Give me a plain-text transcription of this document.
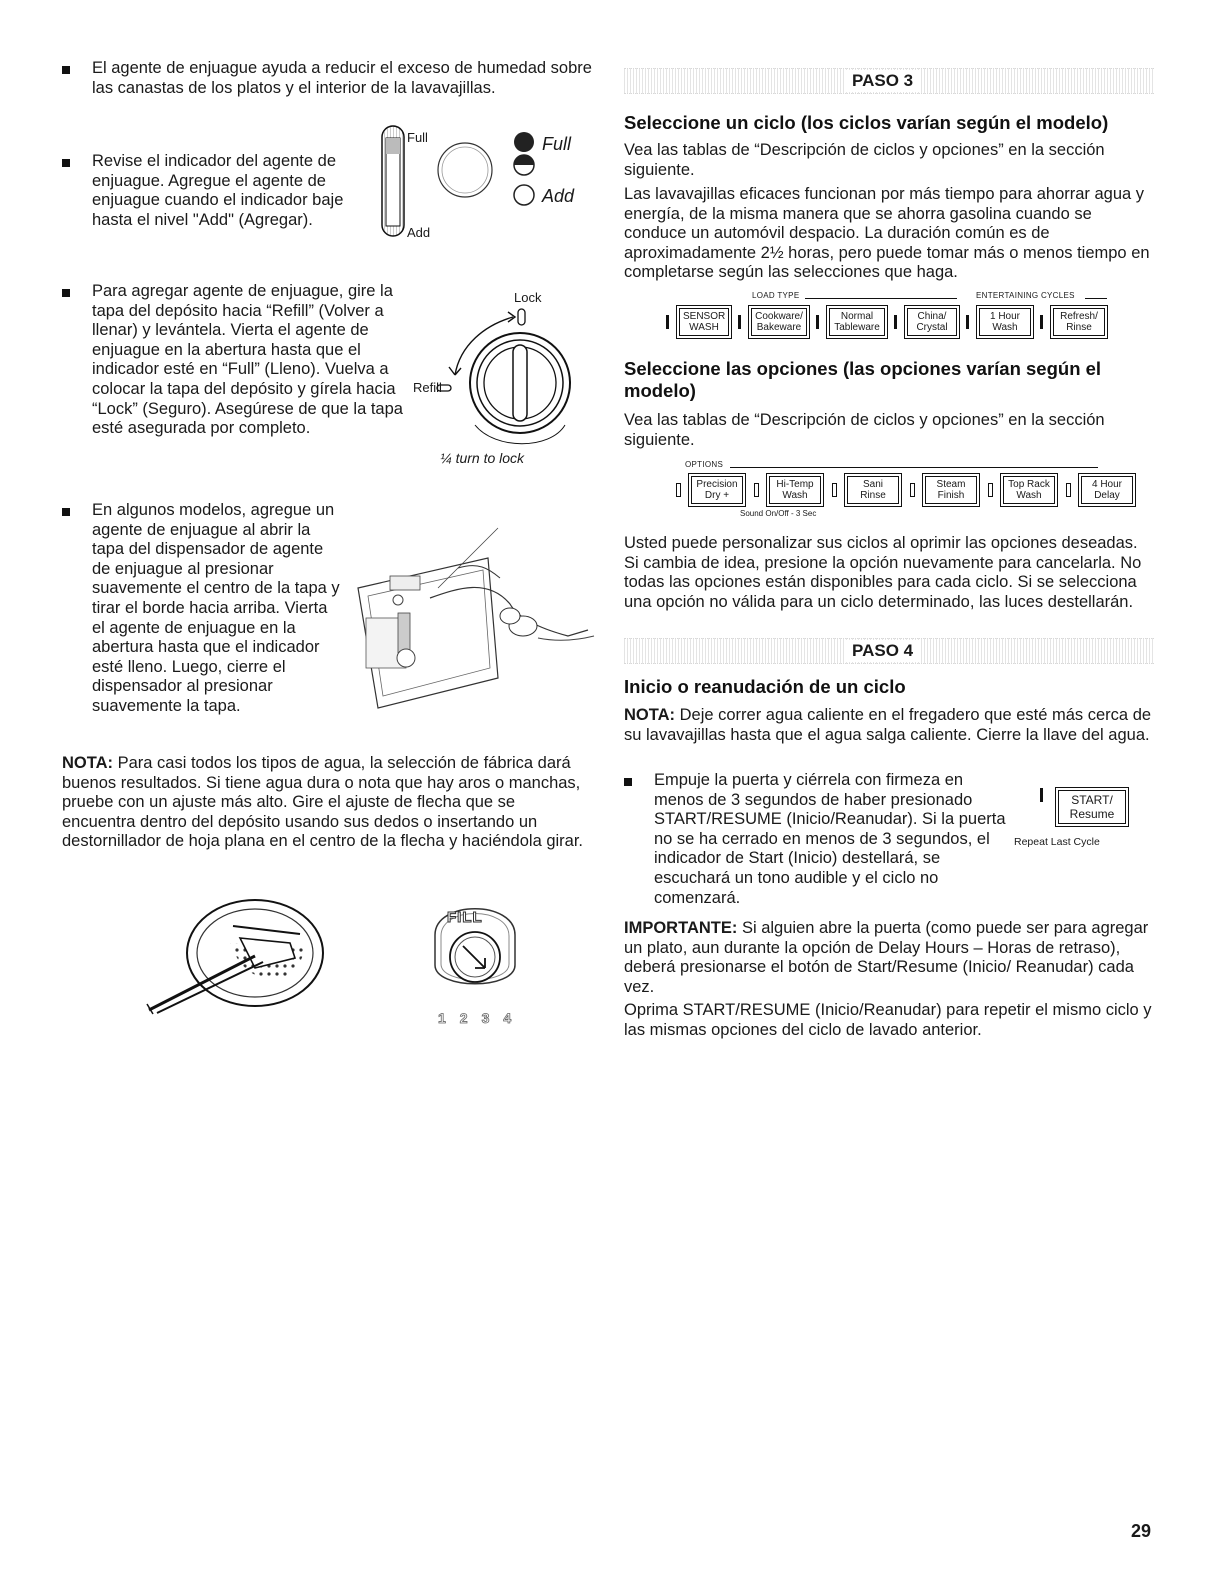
El agente de enjuague ayuda a reducir el exceso de humedad sobre las canastas de los platos y el interior de la lavavajillas.
Revise el indicador del agente de enjuague. Agregue el agente de enjuague cuando el indicador baje hasta el nivel "Add" (Agregar).
Full
Add
Full
Add
Para agregar agente de enjuague, gire la tapa del depósito hacia “Refill” (Volver a llenar) y levántela. Vierta el agente de enjuague en la abertura hasta que el indicador esté en “Full” (Lleno). Vuelva a colocar la tapa del depósito y gírela hacia “Lock” (Seguro). Asegúrese de que la tapa esté asegurada por completo.
Lock
Refill
¼ turn to lock
En algunos modelos, agregue un agente de enjuague al abrir la tapa del dispensador de agente de enjuague al presionar suavemente el centro de la tapa y tirar el borde hacia arriba. Vierta el agente de enjuague en la abertura hasta que el indicador esté lleno. Luego, cierre el dispensador al presionar suavemente la tapa.
NOTA: Para casi todos los tipos de agua, la selección de fábrica dará buenos resultados. Si tiene agua dura o nota que hay aros o manchas, pruebe con un ajuste más alto. Gire el ajuste de flecha que se encuentra dentro del depósito usando sus dedos o insertando un destornillador de hoja plana en el centro de la flecha y haciéndola girar.
FILL
1 2 3 4
PASO 3
Seleccione un ciclo (los ciclos varían según el modelo)
Vea las tablas de “Descripción de ciclos y opciones” en la sección siguiente.
Las lavavajillas eficaces funcionan por más tiempo para ahorrar agua y energía, de la misma manera que se ahorra gasolina cuando se conduce un automóvil despacio. La duración común es de aproximadamente 2½ horas, pero puede tomar más o menos tiempo en completarse según las selecciones que haga.
LOAD TYPE	ENTERTAINING CYCLES
SENSOR
WASH
Cookware/
Bakeware
Normal
Tableware
China/
Crystal
1 Hour
Wash
Refresh/
Rinse
Seleccione las opciones (las opciones varían según el modelo)
Vea las tablas de “Descripción de ciclos y opciones” en la sección siguiente.
OPTIONS
Precision
Dry +
Hi-Temp
Wash
Sani
Rinse
Steam
Finish
Top Rack
Wash
4 Hour
Delay
Sound On/Off - 3 Sec
Usted puede personalizar sus ciclos al oprimir las opciones deseadas. Si cambia de idea, presione la opción nuevamente para cancelarla. No todas las opciones están disponibles para cada ciclo. Si se selecciona una opción no válida para un ciclo determinado, las luces destellarán.
PASO 4
Inicio o reanudación de un ciclo
NOTA: Deje correr agua caliente en el fregadero que esté más cerca de su lavavajillas hasta que el agua salga caliente. Cierre la llave del agua.
Empuje la puerta y ciérrela con firmeza en menos de 3 segundos de haber presionado START/RESUME (Inicio/Reanudar). Si la puerta no se ha cerrado en menos de 3 segundos, el indicador de Start (Inicio) destellará, se escuchará un tono audible y el ciclo no comenzará.
START/
Resume
Repeat Last Cycle
IMPORTANTE: Si alguien abre la puerta (como puede ser para agregar un plato, aun durante la opción de Delay Hours – Horas de retraso), deberá presionarse el botón de Start/Resume (Inicio/ Reanudar) cada vez.
Oprima START/RESUME (Inicio/Reanudar) para repetir el mismo ciclo y las mismas opciones del ciclo de lavado anterior.
29
